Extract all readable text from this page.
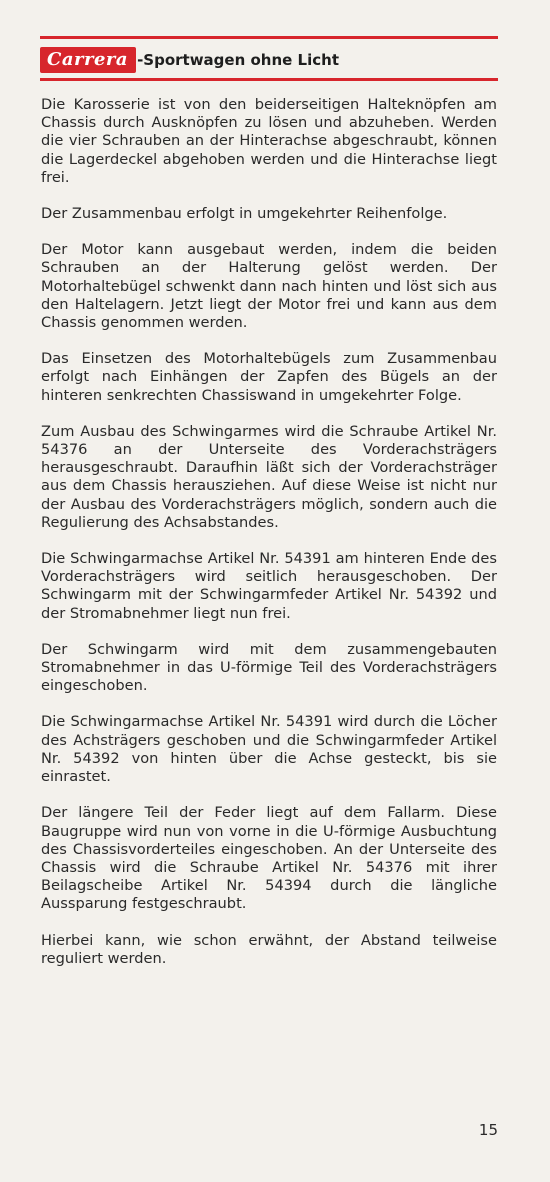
Carrera -Sportwagen ohne Licht

Die Karosserie ist von den beiderseitigen Halteknöpfen am Chassis durch Ausknöpfen zu lösen und abzuheben. Werden die vier Schrauben an der Hinterachse abgeschraubt, können die Lagerdeckel abgehoben werden und die Hinterachse liegt frei.

Der Zusammenbau erfolgt in umgekehrter Reihenfolge.

Der Motor kann ausgebaut werden, indem die beiden Schrauben an der Halterung gelöst werden. Der Motorhaltebügel schwenkt dann nach hinten und löst sich aus den Haltelagern. Jetzt liegt der Motor frei und kann aus dem Chassis genommen werden.

Das Einsetzen des Motorhaltebügels zum Zusammenbau erfolgt nach Einhängen der Zapfen des Bügels an der hinteren senkrechten Chassiswand in umgekehrter Folge.

Zum Ausbau des Schwingarmes wird die Schraube Artikel Nr. 54376 an der Unterseite des Vorderachsträgers herausgeschraubt. Daraufhin läßt sich der Vorderachsträger aus dem Chassis herausziehen. Auf diese Weise ist nicht nur der Ausbau des Vorderachsträgers möglich, sondern auch die Regulierung des Achsabstandes.

Die Schwingarmachse Artikel Nr. 54391 am hinteren Ende des Vorderachsträgers wird seitlich herausgeschoben. Der Schwingarm mit der Schwingarmfeder Artikel Nr. 54392 und der Stromabnehmer liegt nun frei.

Der Schwingarm wird mit dem zusammengebauten Stromabnehmer in das U-förmige Teil des Vorderachsträgers eingeschoben.

Die Schwingarmachse Artikel Nr. 54391 wird durch die Löcher des Achsträgers geschoben und die Schwingarmfeder Artikel Nr. 54392 von hinten über die Achse gesteckt, bis sie einrastet.

Der längere Teil der Feder liegt auf dem Fallarm. Diese Baugruppe wird nun von vorne in die U-förmige Ausbuchtung des Chassisvorderteiles eingeschoben. An der Unterseite des Chassis wird die Schraube Artikel Nr. 54376 mit ihrer Beilagscheibe Artikel Nr. 54394 durch die längliche Aussparung festgeschraubt.

Hierbei kann, wie schon erwähnt, der Abstand teilweise reguliert werden.

15
